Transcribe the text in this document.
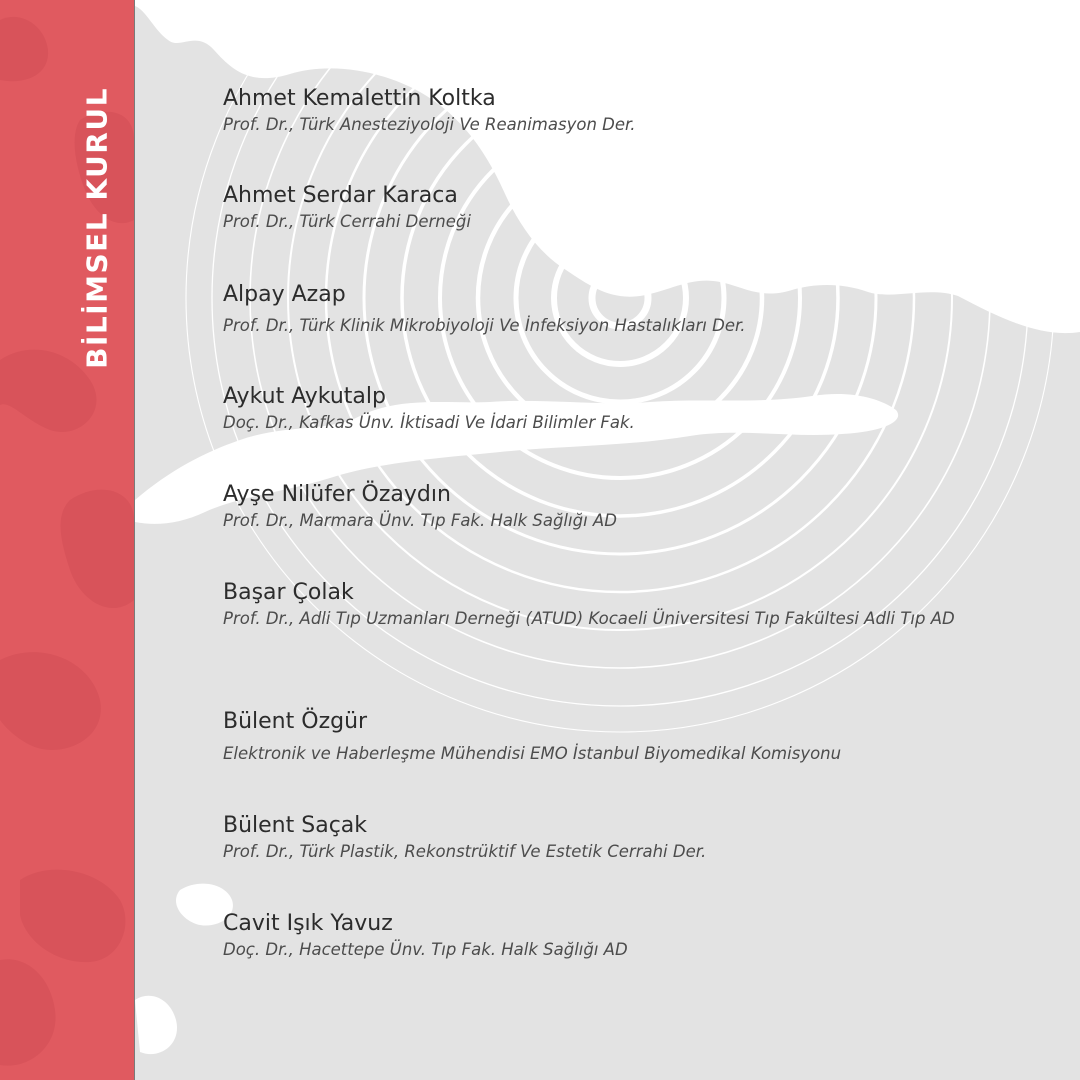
BİLİMSEL KURUL	Ahmet Kemalettin Koltka
Prof. Dr., Türk Anesteziyoloji Ve Reanimasyon Der.
Ahmet Serdar Karaca
Prof. Dr., Türk Cerrahi Derneği
Alpay Azap
Prof. Dr., Türk Klinik Mikrobiyoloji Ve İnfeksiyon Hastalıkları Der.
Aykut Aykutalp
Doç. Dr., Kafkas Ünv. İktisadi Ve İdari Bilimler Fak.
Ayşe Nilüfer Özaydın
Prof. Dr., Marmara Ünv. Tıp Fak. Halk Sağlığı AD
Başar Çolak
Prof. Dr., Adli Tıp Uzmanları Derneği (ATUD) Kocaeli Üniversitesi Tıp Fakültesi Adli Tıp AD
Bülent Özgür
Elektronik ve Haberleşme Mühendisi EMO İstanbul Biyomedikal Komisyonu
Bülent Saçak
Prof. Dr., Türk Plastik, Rekonstrüktif Ve Estetik Cerrahi Der.
Cavit Işık Yavuz
Doç. Dr., Hacettepe Ünv. Tıp Fak. Halk Sağlığı AD
